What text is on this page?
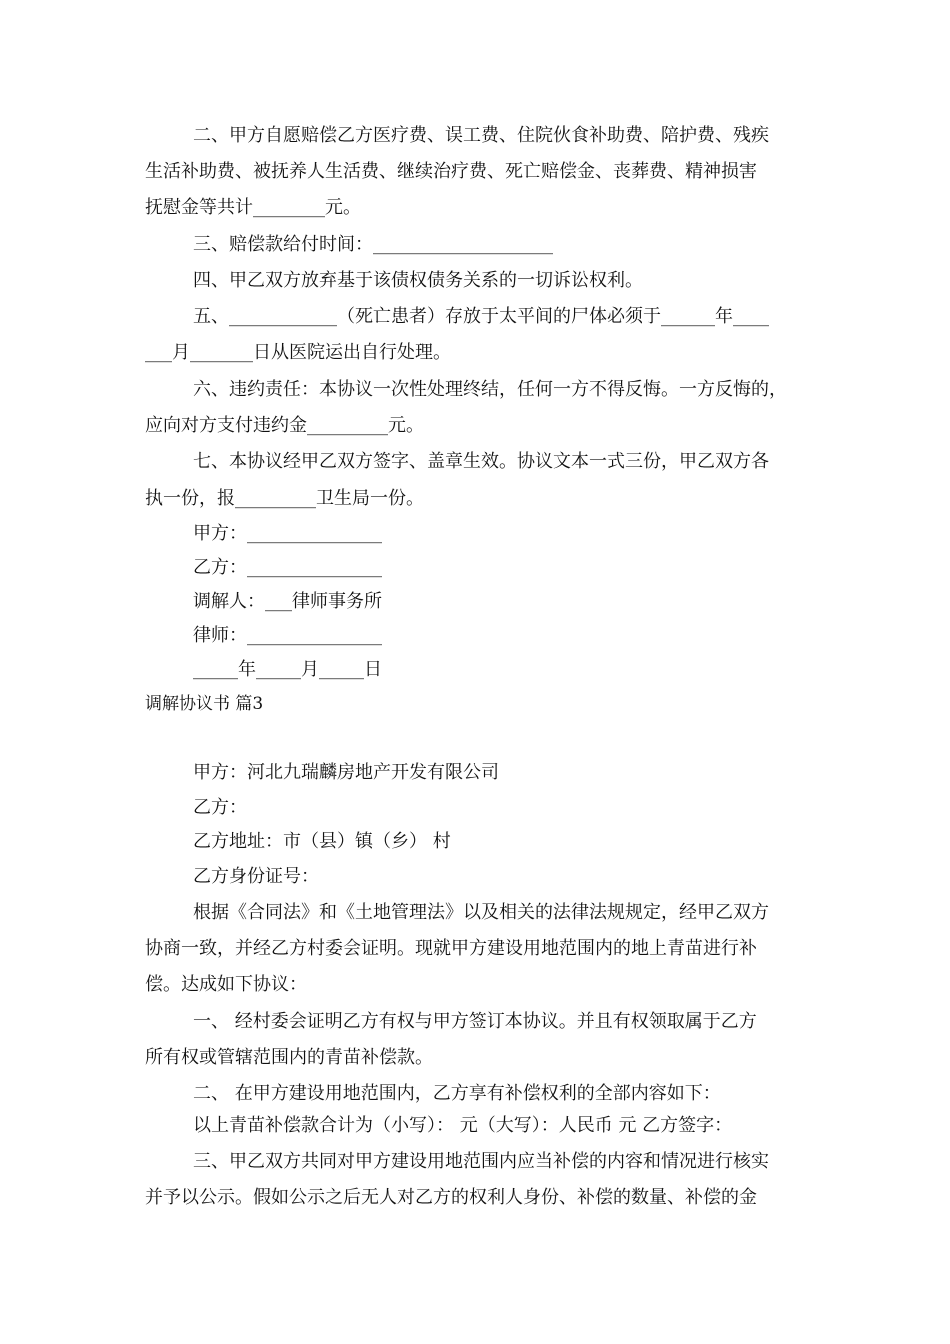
二、甲方自愿赔偿乙方医疗费、误工费、住院伙食补助费、陪护费、残疾
生活补助费、被抚养人生活费、继续治疗费、死亡赔偿金、丧葬费、精神损害
抚慰金等共计________元。
三、赔偿款给付时间：____________________
四、甲乙双方放弃基于该债权债务关系的一切诉讼权利。
五、____________（死亡患者）存放于太平间的尸体必须于______年____
___月_______日从医院运出自行处理。
六、违约责任：本协议一次性处理终结，任何一方不得反悔。一方反悔的，
应向对方支付违约金_________元。
七、本协议经甲乙双方签字、盖章生效。协议文本一式三份，甲乙双方各
执一份，报_________卫生局一份。
甲方：_______________
乙方：_______________
调解人：___律师事务所
律师：_______________
_____年_____月_____日
调解协议书 篇3
甲方：河北九瑞麟房地产开发有限公司
乙方：
乙方地址：市（县）镇（乡） 村
乙方身份证号：
根据《合同法》和《土地管理法》以及相关的法律法规规定，经甲乙双方
协商一致，并经乙方村委会证明。现就甲方建设用地范围内的地上青苗进行补
偿。达成如下协议：
一、 经村委会证明乙方有权与甲方签订本协议。并且有权领取属于乙方
所有权或管辖范围内的青苗补偿款。
二、 在甲方建设用地范围内，乙方享有补偿权利的全部内容如下：
以上青苗补偿款合计为（小写）： 元（大写）：人民币 元 乙方签字：
三、甲乙双方共同对甲方建设用地范围内应当补偿的内容和情况进行核实
并予以公示。假如公示之后无人对乙方的权利人身份、补偿的数量、补偿的金
